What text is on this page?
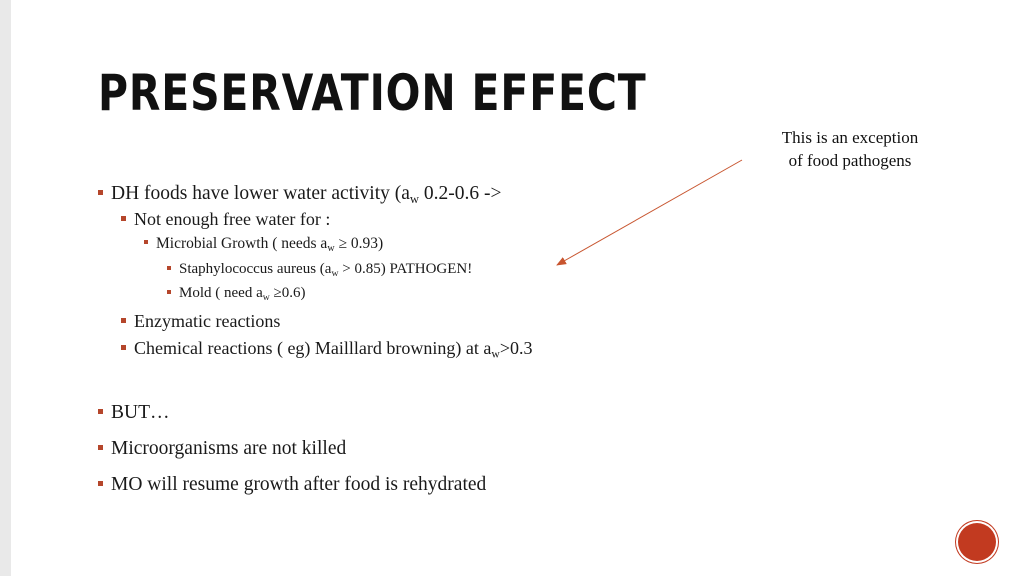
PRESERVATION EFFECT
This is an exception
of food pathogens
DH foods have lower water activity ($a_w$ 0.2-0.6 ->
Not enough free water for :
Microbial Growth ( needs $a_w \ge 0.93$)
Staphylococcus aureus $(a_w > 0.85)$ PATHOGEN!
Mold ( need $a_w \ge 0.6$)
Enzymatic reactions
Chemical reactions ( eg) Mailllard browning) at $a_w>0.3$
BUT…
Microorganisms are not killed
MO will resume growth after food is rehydrated
